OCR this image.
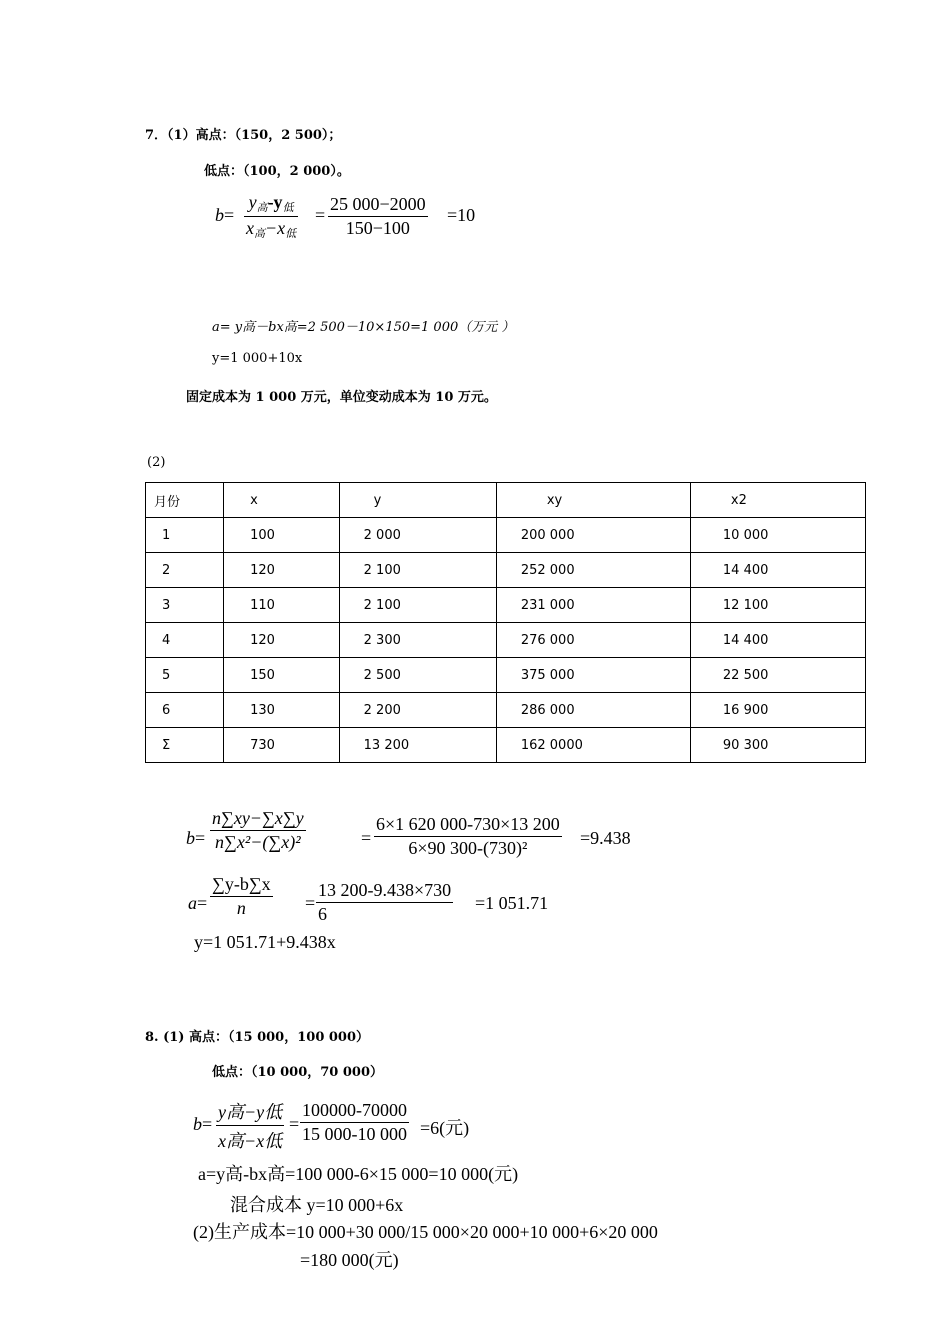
7．（1）高点：（150，2 500）；
低点：（100，2 000）。
b=
$y_高-y_低$
$x_高-x_低$
=
25 000−2000
150−100
=10
a= y高－bx高=2 500－10×150=1 000（万元 ）
y=1 000+10x
固定成本为 1 000 万元，单位变动成本为 10 万元。
(2)
月份	x	y	xy	x2
1	100	2 000	200 000	10 000
2	120	2 100	252 000	14 400
3	110	2 100	231 000	12 100
4	120	2 300	276 000	14 400
5	150	2 500	375 000	22 500
6	130	2 200	286 000	16 900
Σ	730	13 200	162 0000	90 300
b=
n∑xy−∑x∑y
n∑x²−(∑x)²	=
6×1 620 000-730×13 200
6×90 300-(730)²	=9.438
a=
∑y-b∑x
n	=
13 200-9.438×730
6
=1 051.71
y=1 051.71+9.438x
8. (1) 高点：（15 000，100 000）
低点：（10 000，70 000）
b=
y高−y低
x高−x低
=
100000-70000
15 000-10 000 =6(元)
a=y高-bx高=100 000-6×15 000=10 000(元)
混合成本 y=10 000+6x
(2)生产成本=10 000+30 000/15 000×20 000+10 000+6×20 000
=180 000(元)
